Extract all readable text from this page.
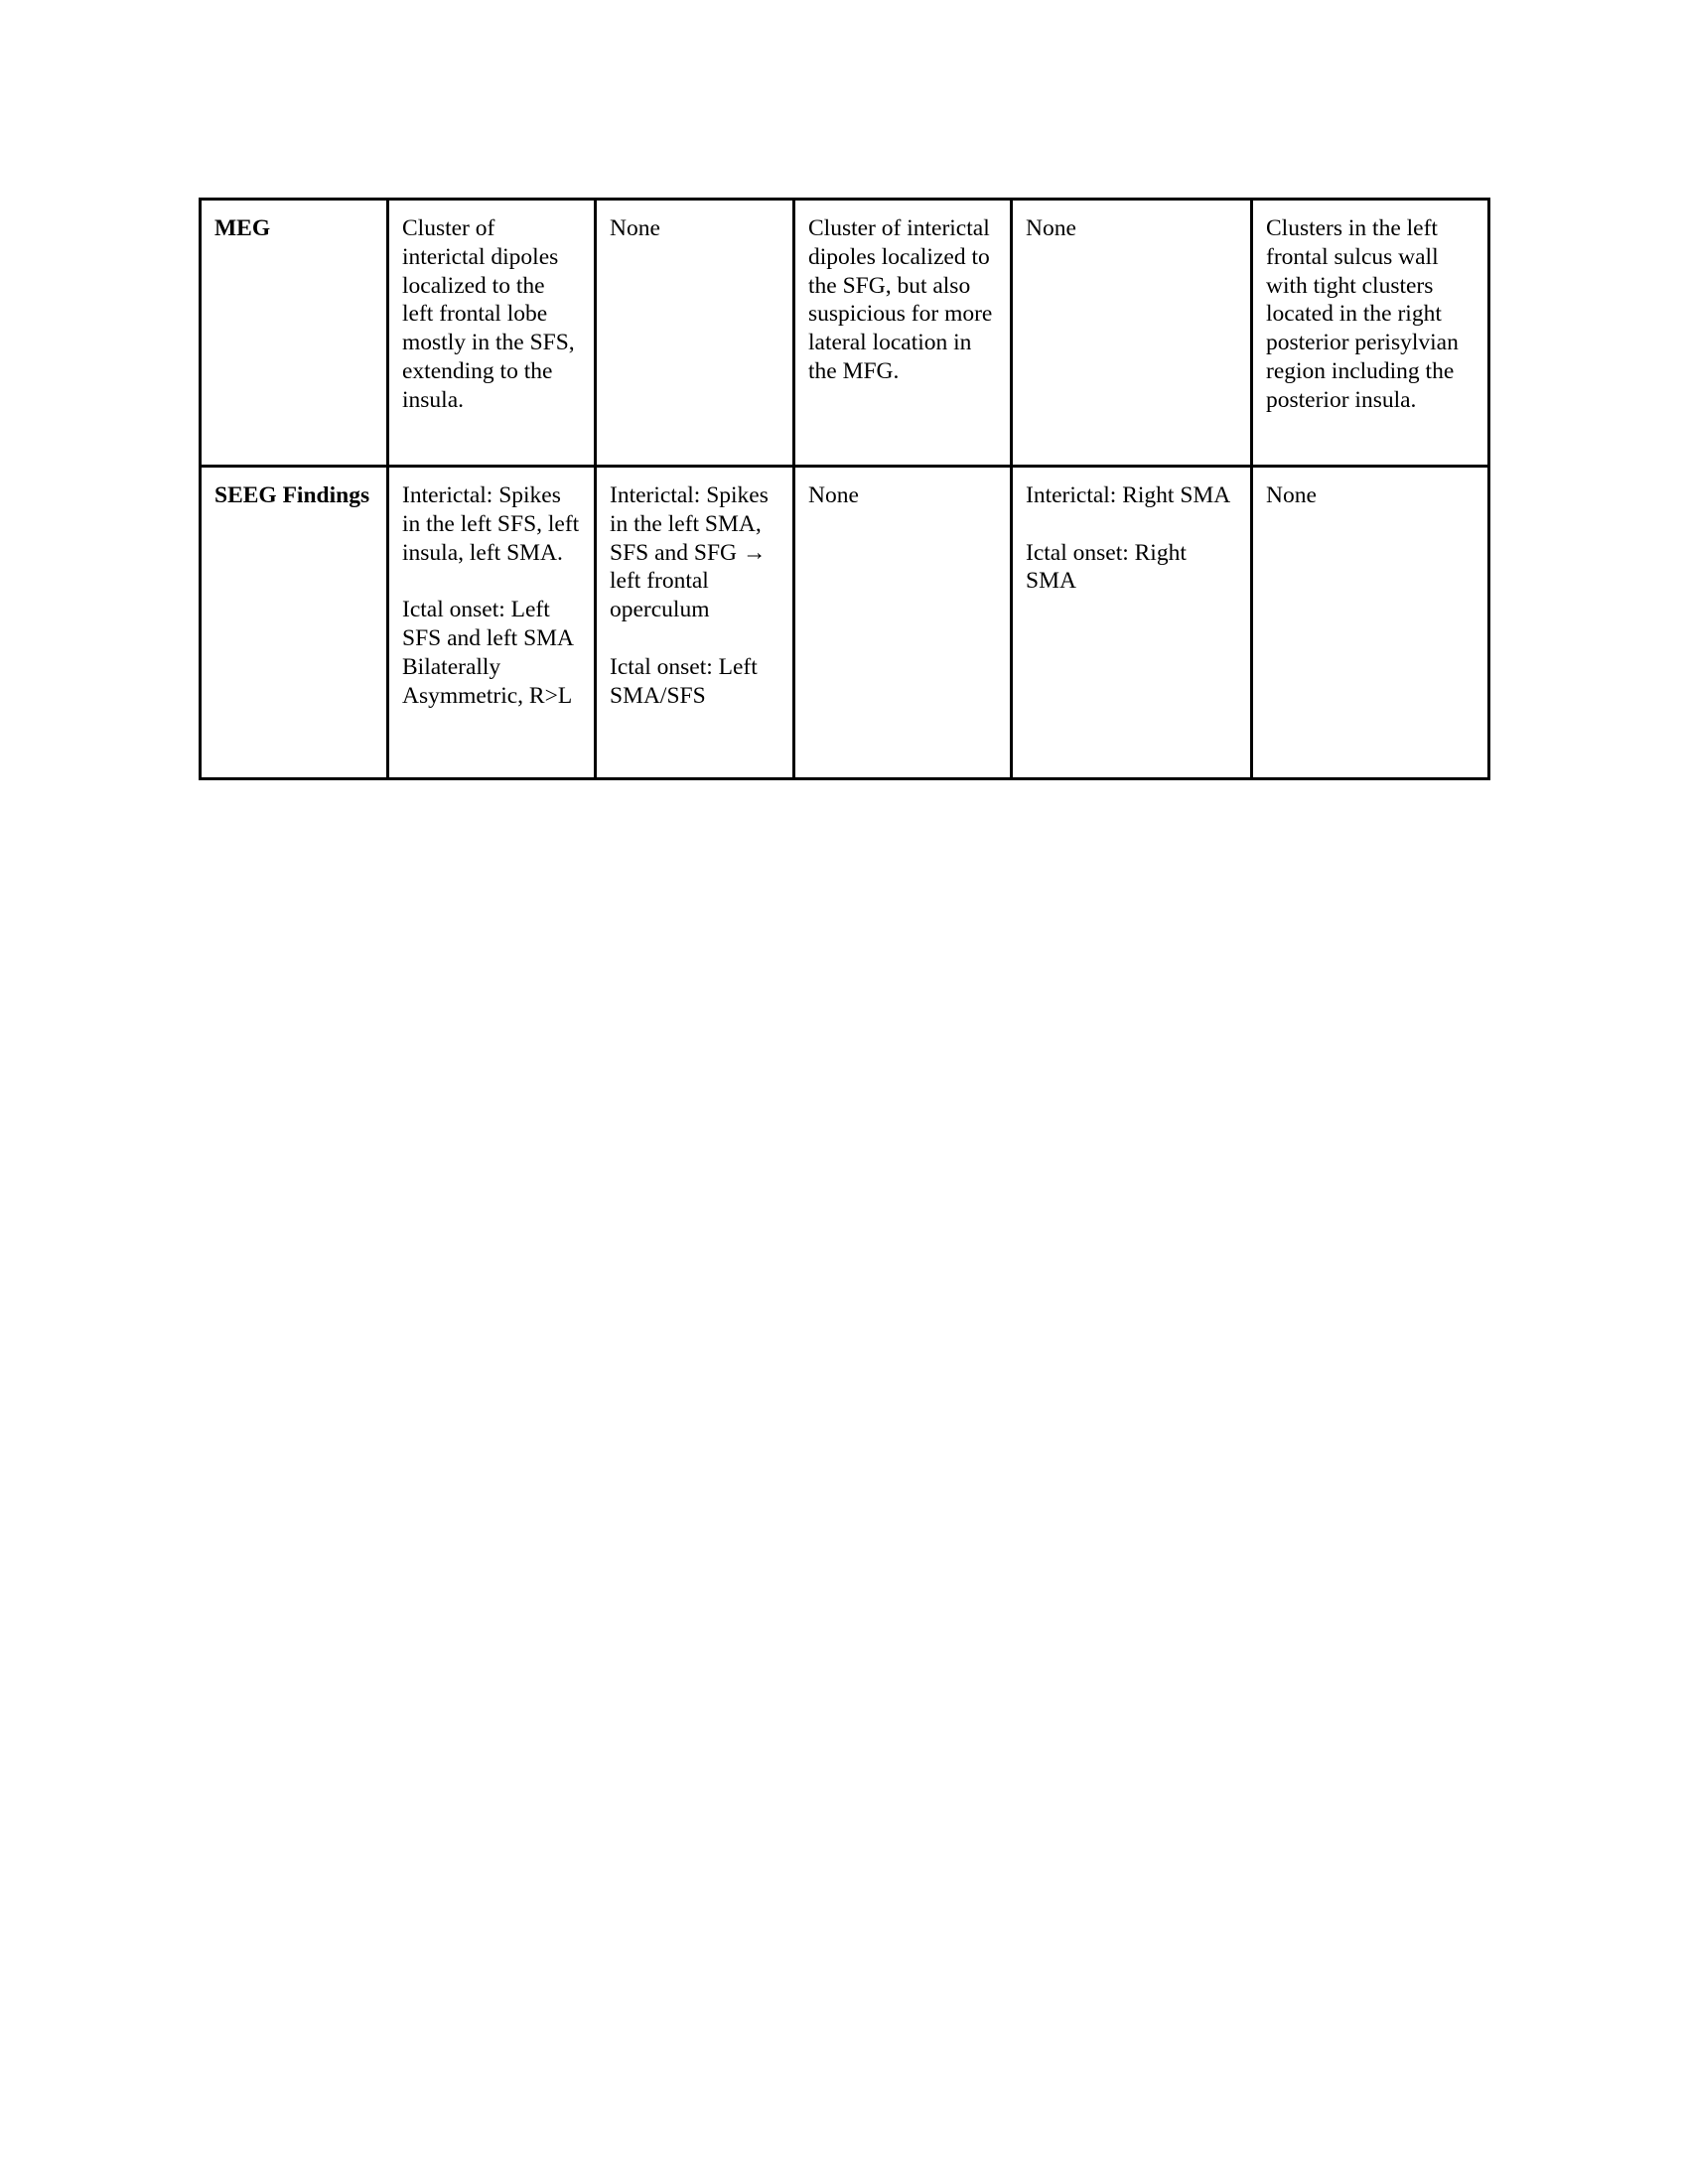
MEG	Cluster of interictal dipoles localized to the left frontal lobe mostly in the SFS,
extending to the insula.	None	Cluster of interictal dipoles localized to the SFG, but also suspicious for more lateral location in the MFG.	None	Clusters in the left frontal sulcus wall with tight clusters located in the right posterior perisylvian region including the posterior insula.

SEEG Findings	Interictal: Spikes in the left SFS, left insula, left SMA.
Ictal onset: Left SFS and left SMA Bilaterally Asymmetric, R>L	Interictal: Spikes in the left SMA, SFS and SFG → left frontal operculum
Ictal onset: Left SMA/SFS	None	Interictal: Right SMA
Ictal onset: Right SMA	None
